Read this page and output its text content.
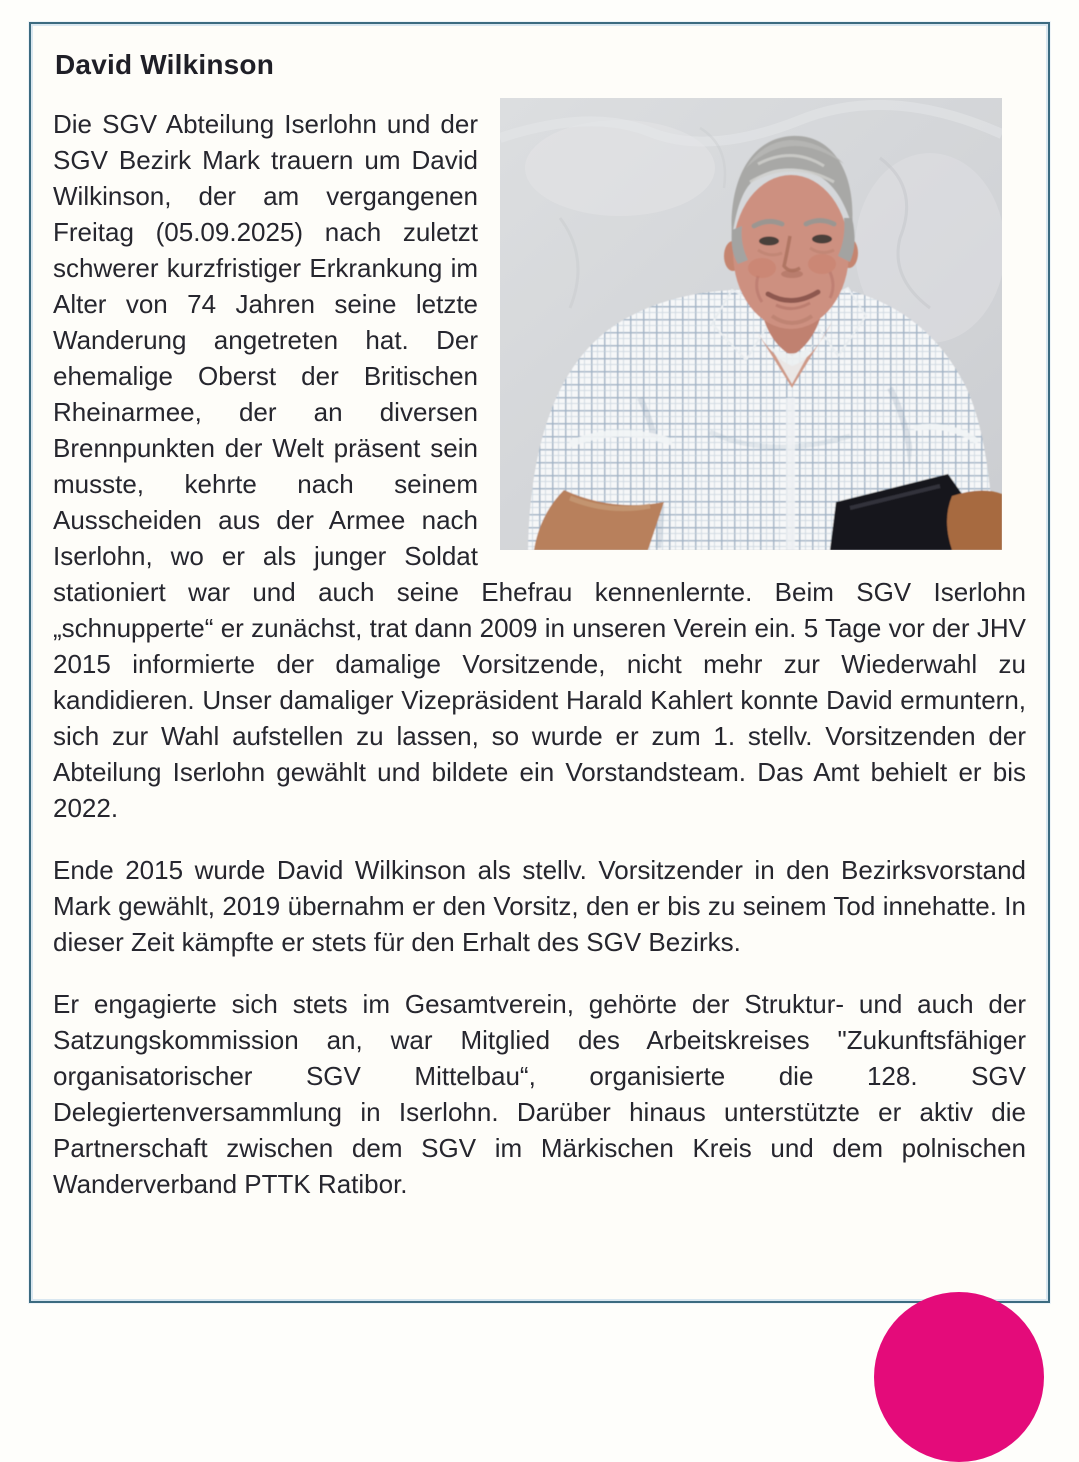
David Wilkinson

Die SGV Abteilung Iserlohn und der SGV Bezirk Mark trauern um David Wilkinson, der am vergangenen Freitag (05.09.2025) nach zuletzt schwerer kurzfristiger Erkrankung im Alter von 74 Jahren seine letzte Wanderung angetreten hat. Der ehemalige Oberst der Britischen Rheinarmee, der an diversen Brennpunkten der Welt präsent sein musste, kehrte nach seinem Ausscheiden aus der Armee nach Iserlohn, wo er als junger Soldat stationiert war und auch seine Ehefrau kennenlernte. Beim SGV Iserlohn „schnupperte“ er zunächst, trat dann 2009 in unseren Verein ein. 5 Tage vor der JHV 2015 informierte der damalige Vorsitzende, nicht mehr zur Wiederwahl zu kandidieren. Unser damaliger Vizepräsident Harald Kahlert konnte David ermuntern, sich zur Wahl aufstellen zu lassen, so wurde er zum 1. stellv. Vorsitzenden der Abteilung Iserlohn gewählt und bildete ein Vorstandsteam. Das Amt behielt er bis 2022.

Ende 2015 wurde David Wilkinson als stellv. Vorsitzender in den Bezirksvorstand Mark gewählt, 2019 übernahm er den Vorsitz, den er bis zu seinem Tod innehatte. In dieser Zeit kämpfte er stets für den Erhalt des SGV Bezirks.

Er engagierte sich stets im Gesamtverein, gehörte der Struktur- und auch der Satzungskommission an, war Mitglied des Arbeitskreises "Zukunftsfähiger organisatorischer SGV Mittelbau“, organisierte die 128. SGV Delegiertenversammlung in Iserlohn. Darüber hinaus unterstützte er aktiv die Partnerschaft zwischen dem SGV im Märkischen Kreis und dem polnischen Wanderverband PTTK Ratibor.
